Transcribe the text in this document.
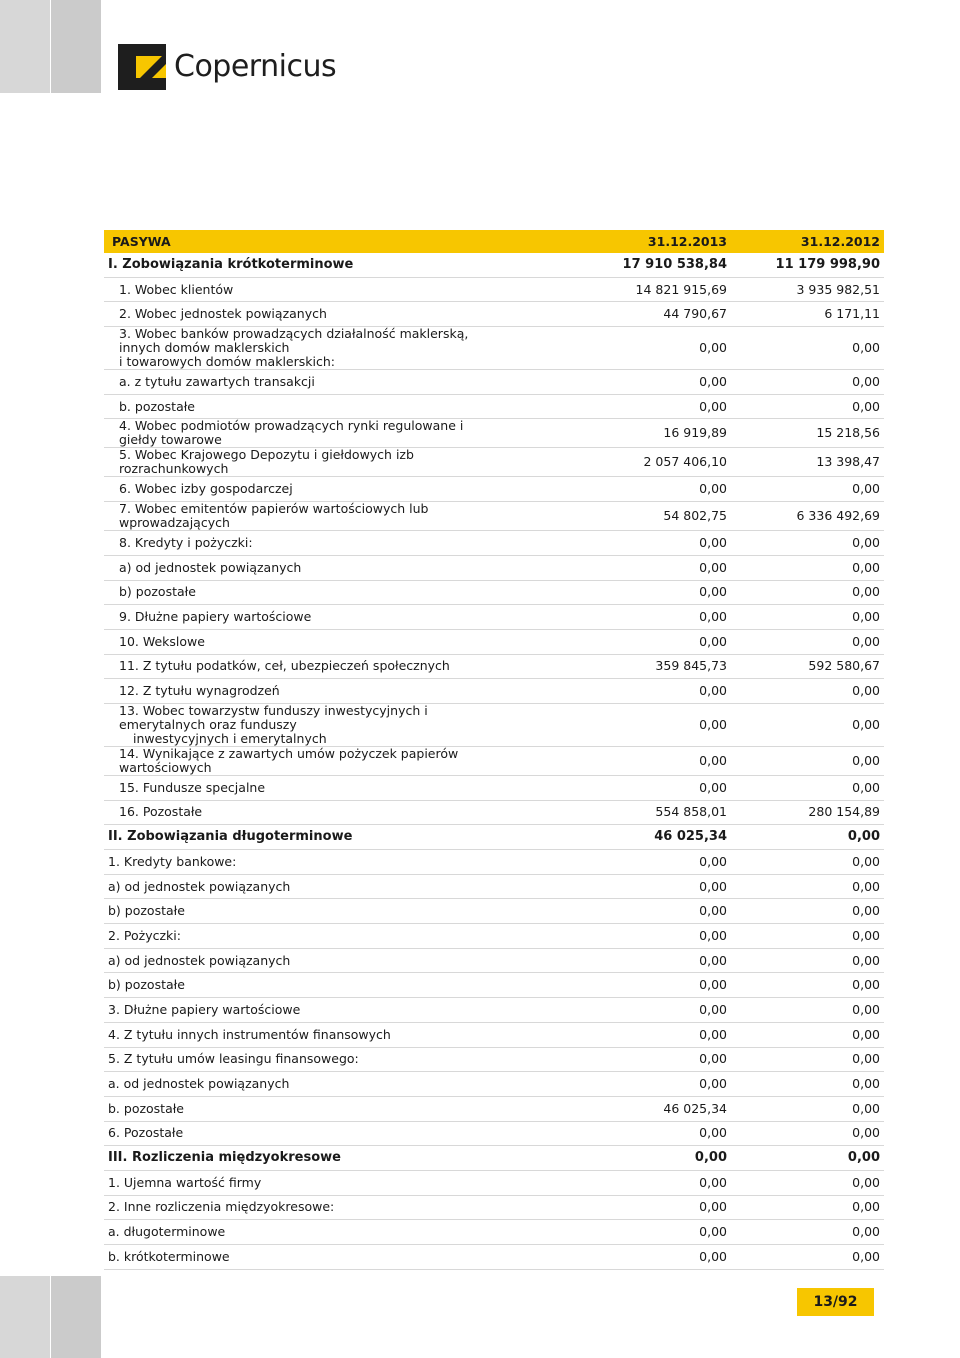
Copernicus
PASYWA	31.12.2013	31.12.2012
I. Zobowiązania krótkoterminowe	17 910 538,84	11 179 998,90
1. Wobec klientów	14 821 915,69	3 935 982,51
2. Wobec jednostek powiązanych	44 790,67	6 171,11

3. Wobec banków prowadzących działalność maklerską, innych domów maklerskich
i towarowych domów maklerskich:	0,00	0,00
a. z tytułu zawartych transakcji	0,00	0,00
b. pozostałe	0,00	0,00
4. Wobec podmiotów prowadzących rynki regulowane i giełdy towarowe	16 919,89	15 218,56
5. Wobec Krajowego Depozytu i giełdowych izb rozrachunkowych	2 057 406,10	13 398,47
6. Wobec izby gospodarczej	0,00	0,00
7. Wobec emitentów papierów wartościowych lub wprowadzających	54 802,75	6 336 492,69
8. Kredyty i pożyczki:	0,00	0,00
a) od jednostek powiązanych	0,00	0,00
b) pozostałe	0,00	0,00
9. Dłużne papiery wartościowe	0,00	0,00
10. Wekslowe	0,00	0,00
11. Z tytułu podatków, ceł, ubezpieczeń społecznych	359 845,73	592 580,67
12. Z tytułu wynagrodzeń	0,00	0,00

13. Wobec towarzystw funduszy inwestycyjnych i emerytalnych oraz funduszy
inwestycyjnych i emerytalnych	0,00	0,00
14. Wynikające z zawartych umów pożyczek papierów wartościowych	0,00	0,00
15. Fundusze specjalne	0,00	0,00
16. Pozostałe	554 858,01	280 154,89
II. Zobowiązania długoterminowe	46 025,34	0,00
1. Kredyty bankowe:	0,00	0,00
a) od jednostek powiązanych	0,00	0,00
b) pozostałe	0,00	0,00
2. Pożyczki:	0,00	0,00
a) od jednostek powiązanych	0,00	0,00
b) pozostałe	0,00	0,00
3. Dłużne papiery wartościowe	0,00	0,00
4. Z tytułu innych instrumentów finansowych	0,00	0,00
5. Z tytułu umów leasingu finansowego:	0,00	0,00
a. od jednostek powiązanych	0,00	0,00
b. pozostałe	46 025,34	0,00
6. Pozostałe	0,00	0,00
III. Rozliczenia międzyokresowe	0,00	0,00
1. Ujemna wartość firmy	0,00	0,00
2. Inne rozliczenia międzyokresowe:	0,00	0,00
a. długoterminowe	0,00	0,00
b. krótkoterminowe	0,00	0,00
13/92
